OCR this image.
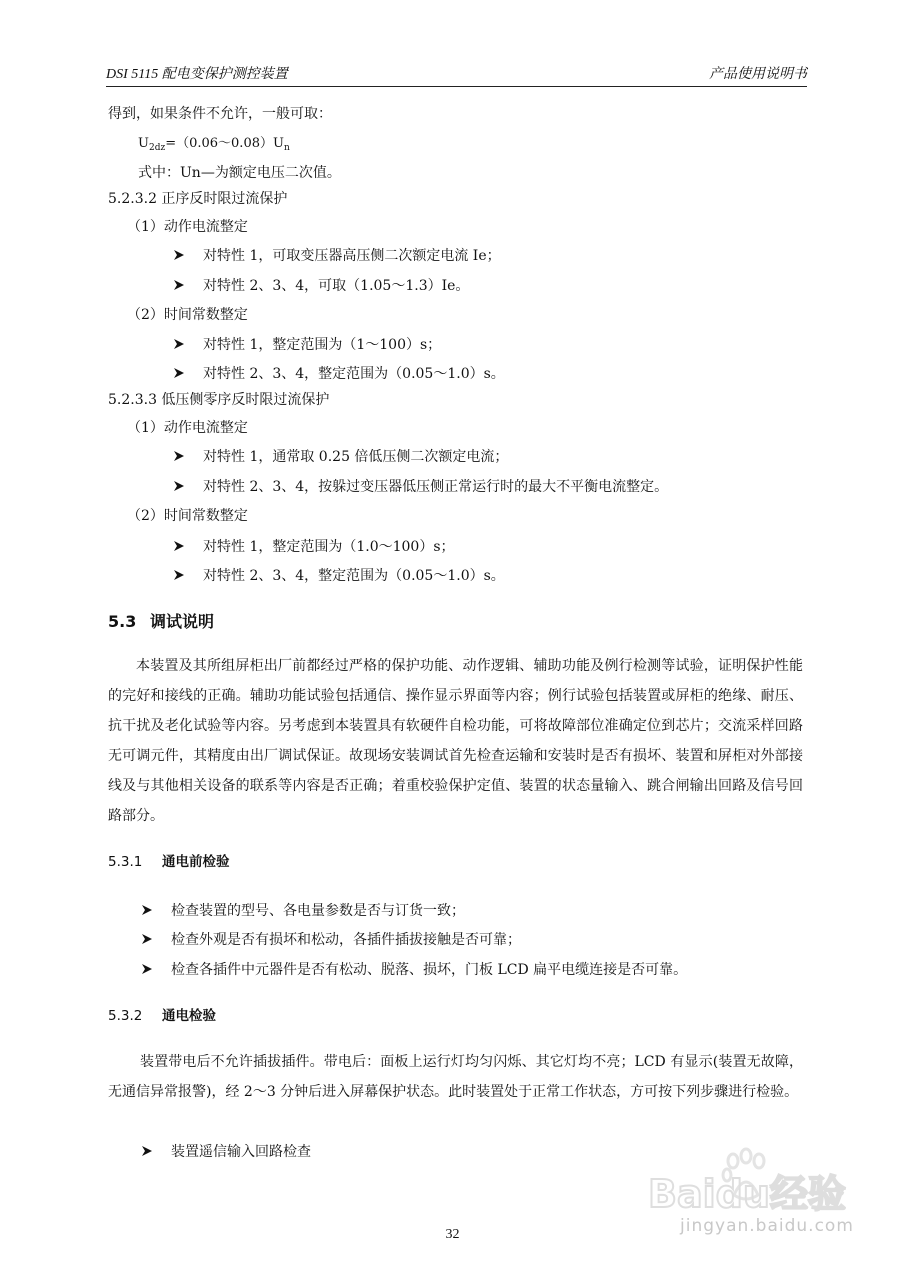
DSI 5115 配电变保护测控装置	产品使用说明书
得到，如果条件不允许，一般可取：
$U_{2dz}=(0.06\sim 0.08)U_n$
式中：Un—为额定电压二次值。
5.2.3.2 正序反时限过流保护
（1）动作电流整定
对特性 1，可取变压器高压侧二次额定电流 Ie；
对特性 2、3、4，可取（1.05～1.3）Ie。
（2）时间常数整定
对特性 1，整定范围为（1～100）s；
对特性 2、3、4，整定范围为（0.05～1.0）s。
5.2.3.3 低压侧零序反时限过流保护
（1）动作电流整定
对特性 1，通常取 0.25 倍低压侧二次额定电流；
对特性 2、3、4，按躲过变压器低压侧正常运行时的最大不平衡电流整定。
（2）时间常数整定
对特性 1，整定范围为（1.0～100）s；
对特性 2、3、4，整定范围为（0.05～1.0）s。
5.3 调试说明
本装置及其所组屏柜出厂前都经过严格的保护功能、动作逻辑、辅助功能及例行检测等试验，证明保护性能的完好和接线的正确。辅助功能试验包括通信、操作显示界面等内容；例行试验包括装置或屏柜的绝缘、耐压、抗干扰及老化试验等内容。另考虑到本装置具有软硬件自检功能，可将故障部位准确定位到芯片；交流采样回路无可调元件，其精度由出厂调试保证。故现场安装调试首先检查运输和安装时是否有损坏、装置和屏柜对外部接线及与其他相关设备的联系等内容是否正确；着重校验保护定值、装置的状态量输入、跳合闸输出回路及信号回路部分。
5.3.1 通电前检验
检查装置的型号、各电量参数是否与订货一致；
检查外观是否有损坏和松动，各插件插拔接触是否可靠；
检查各插件中元器件是否有松动、脱落、损坏，门板 LCD 扁平电缆连接是否可靠。
5.3.2 通电检验
装置带电后不允许插拔插件。带电后：面板上运行灯均匀闪烁、其它灯均不亮；LCD 有显示(装置无故障，无通信异常报警)，经 2～3 分钟后进入屏幕保护状态。此时装置处于正常工作状态，方可按下列步骤进行检验。
装置遥信输入回路检查
32
Baidu经验
jingyan.baidu.com
